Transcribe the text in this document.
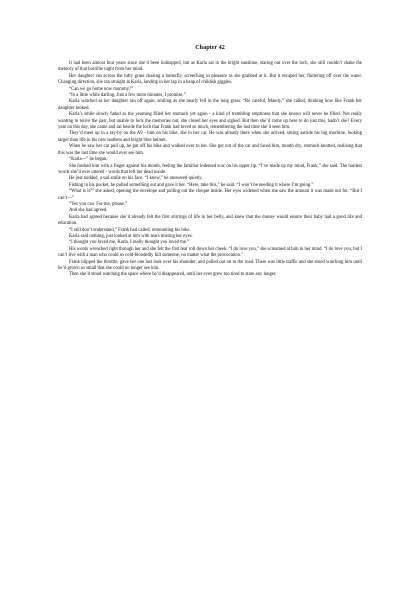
Chapter 42

It had been almost four years since she’d been kidnapped, but as Karla sat in the bright sunshine, staring out over the loch, she still couldn’t shake the memory of that horrible night from her mind.

Her daughter ran across the tufty grass chasing a butterfly, screeching in pleasure as she grabbed at it. But it escaped her, fluttering off over the water. Changing direction, she ran straight at Karla, landing in her lap in a heap of childish giggles.

“Can we go home now mummy?”

“In a little while darling. Just a few more minutes, I promise.”

Karla watched as her daughter ran off again, smiling as she nearly fell in the long grass. “Be careful, Mandy,” she called, thinking how like Frank her daughter looked.

Karla’s smile slowly faded as the yearning filled her stomach yet again - a kind of trembling emptiness that she knows will never be filled. Not really wanting to relive the past, but unable to lock the memories out, she closed her eyes and sighed. But then she’d come up here to do just this, hadn’t she? Every year on this day, she came and sat beside the loch that Frank had loved so much, remembering the last time she’d seen him.

They’d meet up in a lay-by on the A9 - him on his bike, she in her car. He was already there when she arrived, sitting astride his big machine, looking larger than life in his new leathers and bright blue helmet.

When he saw her car pull up, he got off his bike and walked over to her. She got out of the car and faced him, mouth dry, stomach knotted, realising that this was the last time she would ever see him.

“Karla—” he began.

She hushed him with a finger against his mouth, feeling the familiar indented scar on his upper lip. “I’ve made up my mind, Frank,” she said. The hardest words she’d ever uttered - words that left her dead inside.

He just nodded, a sad smile on his face. “I know,” he answered quietly.

Fishing in his pocket, he pulled something out and gave it her. “Here, take this,” he said. “I won’t be needing it where I’m going.”

“What is it?” she asked, opening the envelope and pulling out the cheque inside. Her eyes widened when she saw the amount it was made out for. “But I can’t—”

“Yes you can. For me, please.”

And she had agreed.

Karla had agreed because she’d already felt the first stirrings of life in her belly, and knew that the money would ensure their baby had a good life and education.

“I still don’t understand,” Frank had called, remounting his bike.

Karla said nothing, just looked at him with tears misting her eyes.

“I thought you loved me, Karla. I really thought you loved me.”

His words wrenched right through her and she felt the first tear roll down her cheek. “I do love you,” she screamed at him in her mind. “I do love you, but I can’t live with a man who could so cold-bloodedly kill someone, no matter what the provocation.”

Frank blipped the throttle, gave her one last look over his shoulder, and pulled out on to the road. There was little traffic and she stood watching him until he’d grown so small that she could no longer see him.

Then she’d stood watching the space where he’d disappeared, until her eyes grew too tired to stare any longer.
